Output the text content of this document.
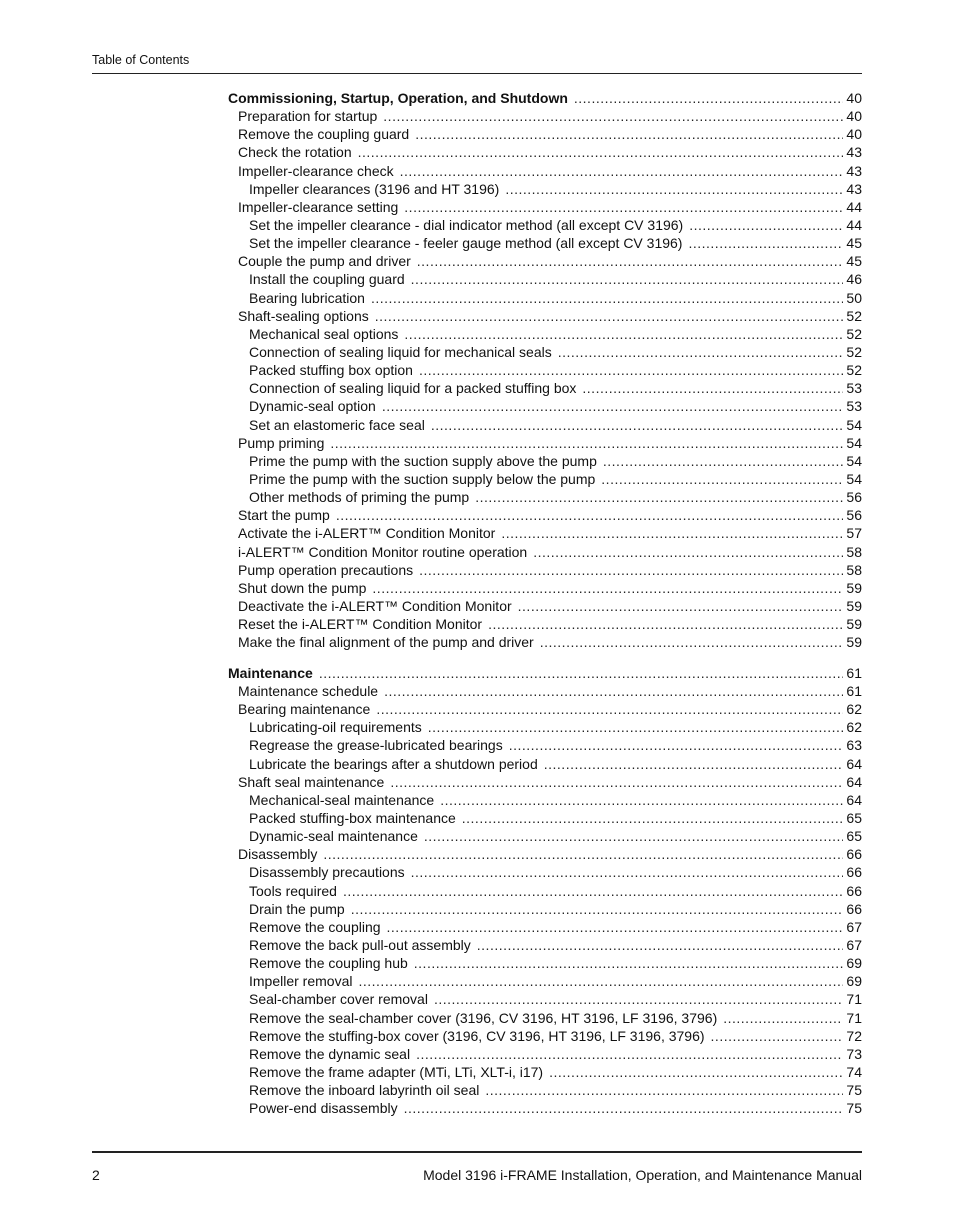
Table of Contents
Commissioning, Startup, Operation, and Shutdown .....	40
Preparation for startup .....	40
Remove the coupling guard .....	40
Check the rotation .....	43
Impeller-clearance check .....	43
Impeller clearances (3196 and HT 3196) .....	43
Impeller-clearance setting .....	44
Set the impeller clearance - dial indicator method (all except CV 3196) .....	44
Set the impeller clearance - feeler gauge method (all except CV 3196) .....	45
Couple the pump and driver .....	45
Install the coupling guard .....	46
Bearing lubrication .....	50
Shaft-sealing options .....	52
Mechanical seal options .....	52
Connection of sealing liquid for mechanical seals .....	52
Packed stuffing box option .....	52
Connection of sealing liquid for a packed stuffing box .....	53
Dynamic-seal option .....	53
Set an elastomeric face seal .....	54
Pump priming .....	54
Prime the pump with the suction supply above the pump .....	54
Prime the pump with the suction supply below the pump .....	54
Other methods of priming the pump .....	56
Start the pump .....	56
Activate the i-ALERT™ Condition Monitor .....	57
i-ALERT™ Condition Monitor routine operation .....	58
Pump operation precautions .....	58
Shut down the pump .....	59
Deactivate the i-ALERT™ Condition Monitor .....	59
Reset the i-ALERT™ Condition Monitor .....	59
Make the final alignment of the pump and driver .....	59
Maintenance .....	61
Maintenance schedule .....	61
Bearing maintenance .....	62
Lubricating-oil requirements .....	62
Regrease the grease-lubricated bearings .....	63
Lubricate the bearings after a shutdown period .....	64
Shaft seal maintenance .....	64
Mechanical-seal maintenance .....	64
Packed stuffing-box maintenance .....	65
Dynamic-seal maintenance .....	65
Disassembly .....	66
Disassembly precautions .....	66
Tools required .....	66
Drain the pump .....	66
Remove the coupling .....	67
Remove the back pull-out assembly .....	67
Remove the coupling hub .....	69
Impeller removal .....	69
Seal-chamber cover removal .....	71
Remove the seal-chamber cover (3196, CV 3196, HT 3196, LF 3196, 3796) .....	71
Remove the stuffing-box cover (3196, CV 3196, HT 3196, LF 3196, 3796) .....	72
Remove the dynamic seal .....	73
Remove the frame adapter (MTi, LTi, XLT-i, i17) .....	74
Remove the inboard labyrinth oil seal .....	75
Power-end disassembly .....	75
2	Model 3196 i-FRAME Installation, Operation, and Maintenance Manual
